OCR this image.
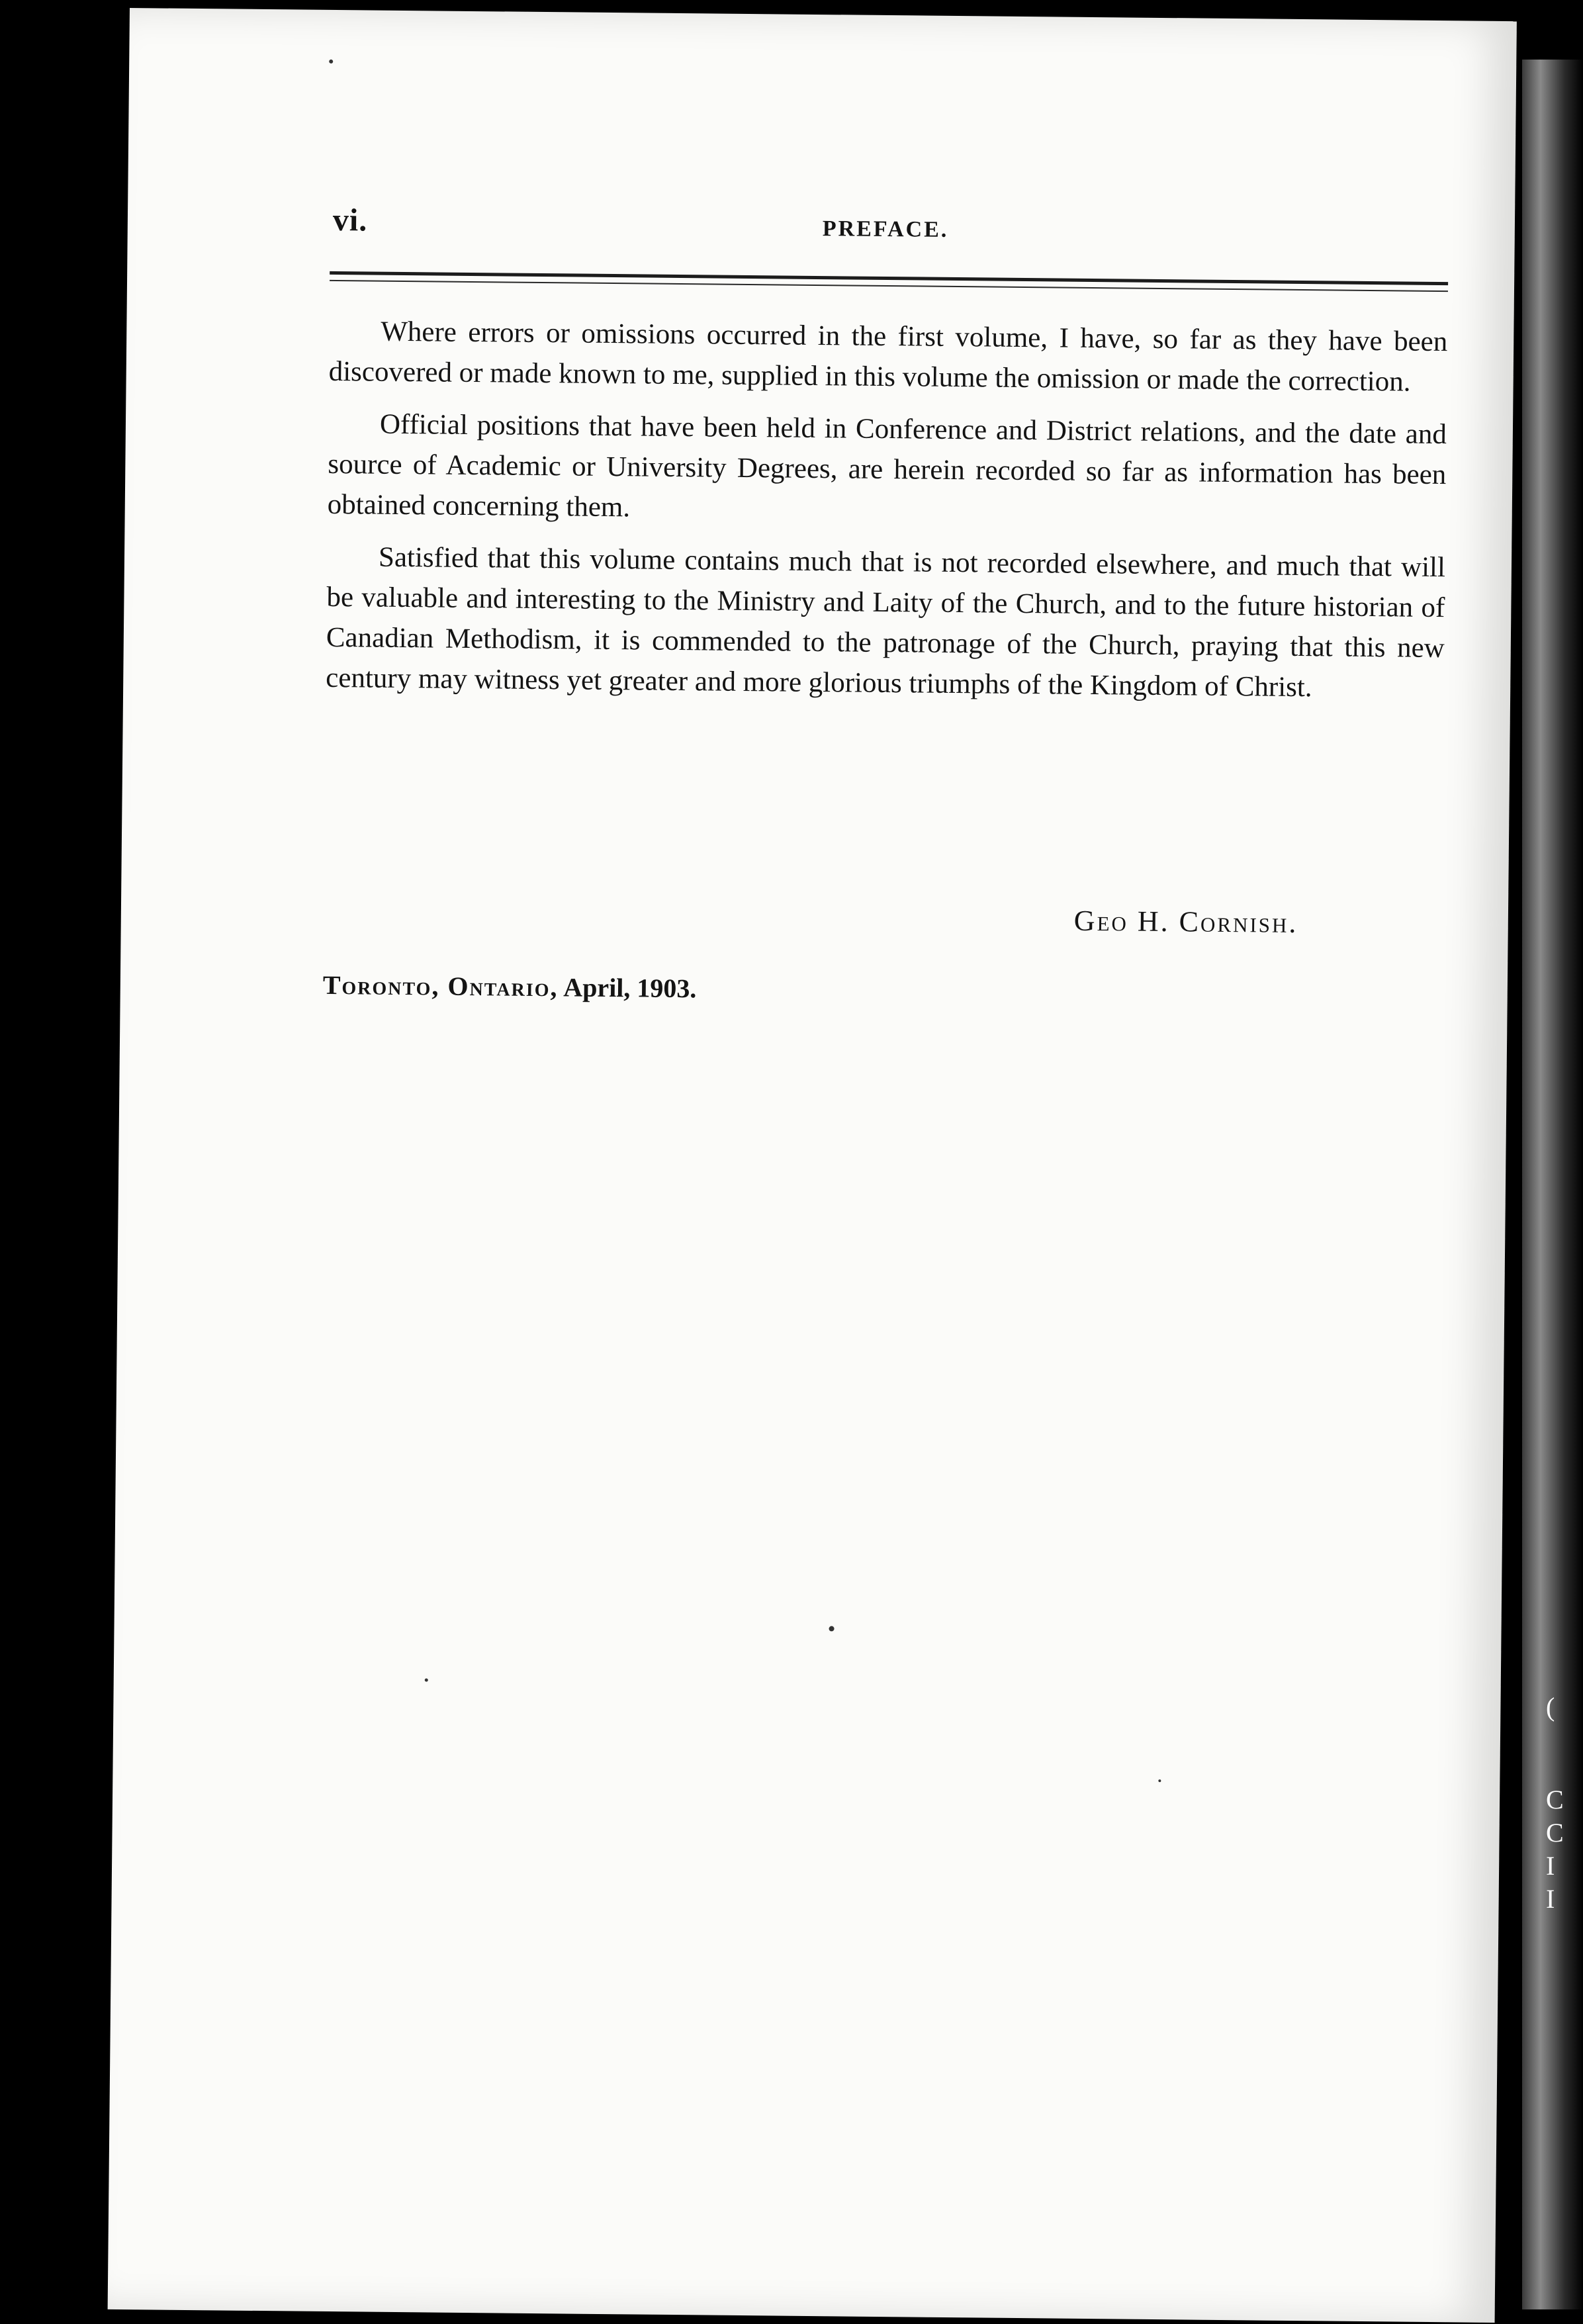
(
C
C
I
I
vi.	PREFACE.

Where errors or omissions occurred in the first volume, I have, so far as they have been discovered or made known to me, supplied in this volume the omission or made the correction.

Official positions that have been held in Conference and District relations, and the date and source of Academic or University Degrees, are herein recorded so far as information has been obtained concerning them.

Satisfied that this volume contains much that is not recorded elsewhere, and much that will be valuable and interesting to the Ministry and Laity of the Church, and to the future historian of Canadian Methodism, it is commended to the patronage of the Church, praying that this new century may witness yet greater and more glorious triumphs of the Kingdom of Christ.

Geo H. Cornish.
Toronto, Ontario, April, 1903.
